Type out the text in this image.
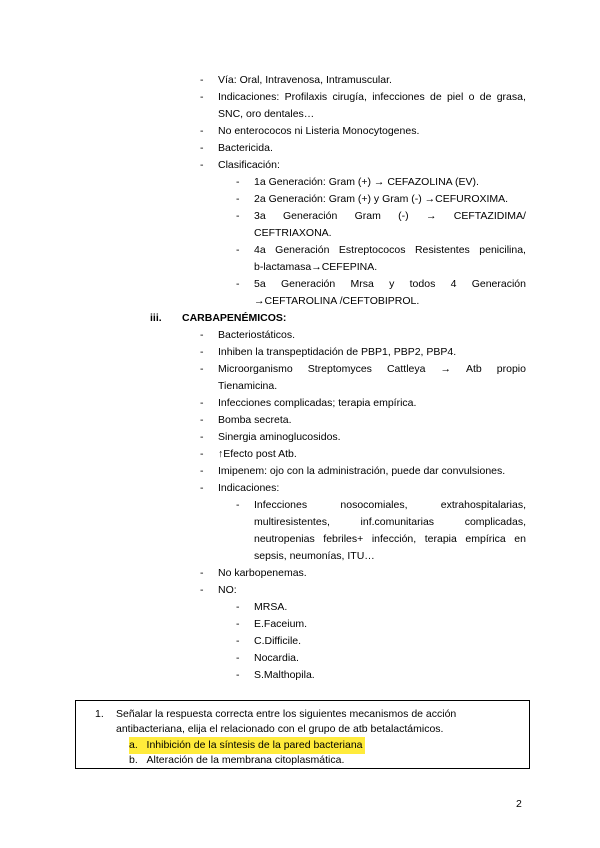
- Vía: Oral, Intravenosa, Intramuscular.
- Indicaciones: Profilaxis cirugía, infecciones de piel o de grasa,
SNC, oro dentales…
- No enterococos ni Listeria Monocytogenes.
- Bactericida.
- Clasificación:
- 1a Generación: Gram (+) → CEFAZOLINA (EV).
- 2a Generación: Gram (+) y Gram (-) →CEFUROXIMA.
- 3a Generación Gram (-) → CEFTAZIDIMA/
CEFTRIAXONA.
- 4a Generación Estreptococos Resistentes penicilina,
b-lactamasa→CEFEPINA.
- 5a Generación Mrsa y todos 4 Generación
→CEFTAROLINA /CEFTOBIPROL.
iii. CARBAPENÉMICOS:
- Bacteriostáticos.
- Inhiben la transpeptidación de PBP1, PBP2, PBP4.
- Microorganismo Streptomyces Cattleya → Atb propio
Tienamicina.
- Infecciones complicadas; terapia empírica.
- Bomba secreta.
- Sinergia aminoglucosidos.
- ↑Efecto post Atb.
- Imipenem: ojo con la administración, puede dar convulsiones.
- Indicaciones:
- Infecciones	nosocomiales,	extrahospitalarias,
multiresistentes,	inf.comunitarias	complicadas,
neutropenias febriles+ infección, terapia empírica en
sepsis, neumonías, ITU…
- No karbopenemas.
- NO:
- MRSA.
- E.Faceium.
- C.Difficile.
- Nocardia.
- S.Malthopila.
1. Señalar la respuesta correcta entre los siguientes mecanismos de acción
antibacteriana, elija el relacionado con el grupo de atb betalactámicos.
a. Inhibición de la síntesis de la pared bacteriana
b. Alteración de la membrana citoplasmática.
2
